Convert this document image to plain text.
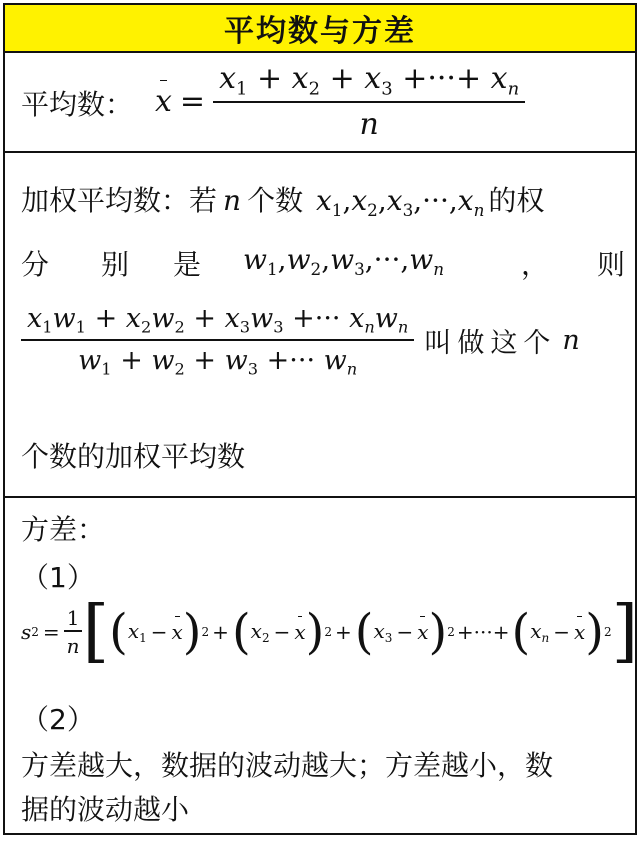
平均数与方差
平均数： x =
$x_1 + x_2 + x_3$ +···+ $x_n$
n
加权平均数：若 n 个数 $x_1,x_2,x_3,\cdot\cdot\cdot,x_n$ 的权
分 别 是 $w_1,w_2,w_3,\cdot\cdot\cdot,w_n$	， 则
$\frac{x_1w_1 + x_2w_2 + x_3w_3 +\cdot\cdot\cdot x_nw_n}{w_1 + w_2 + w_3 +\cdot\cdot\cdot w_n}$ 叫做这个 n
个数的加权平均数
方差：
（1）
s $2 = \frac{1}{n}$ [ ( $x_1 - x$ ) 2 + ( $x_2 - x$ ) 2 + ( $x_3 - x$ ) 2 +···+ ( $x_n - x$ ) 2 ]
（2）
方差越大，数据的波动越大；方差越小，数
据的波动越小
